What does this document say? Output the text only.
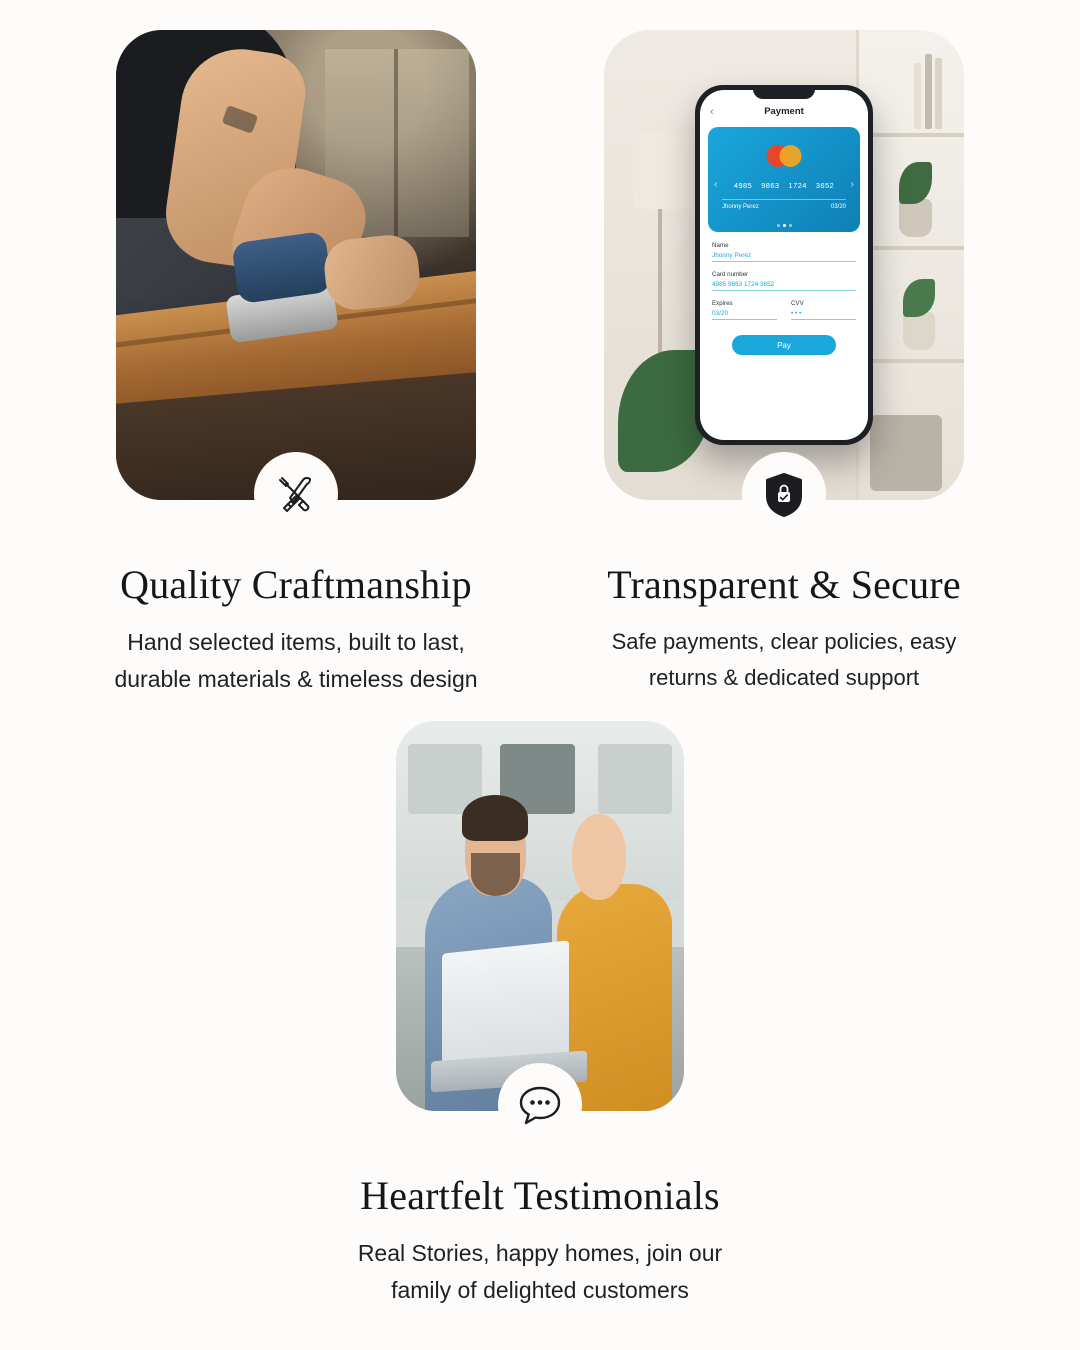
Quality Craftmanship
Hand selected items, built to last, durable materials & timeless design
‹	Payment
‹	›
4985 9863 1724 3652
Jhonny Perez	03/20
Name
Jhonny Perez
Card number
4985 9863 1724 3652
Expires
03/20
CVV
• • •
Pay
Transparent & Secure
Safe payments, clear policies, easy returns & dedicated support
Heartfelt Testimonials
Real Stories, happy homes, join our family of delighted customers
